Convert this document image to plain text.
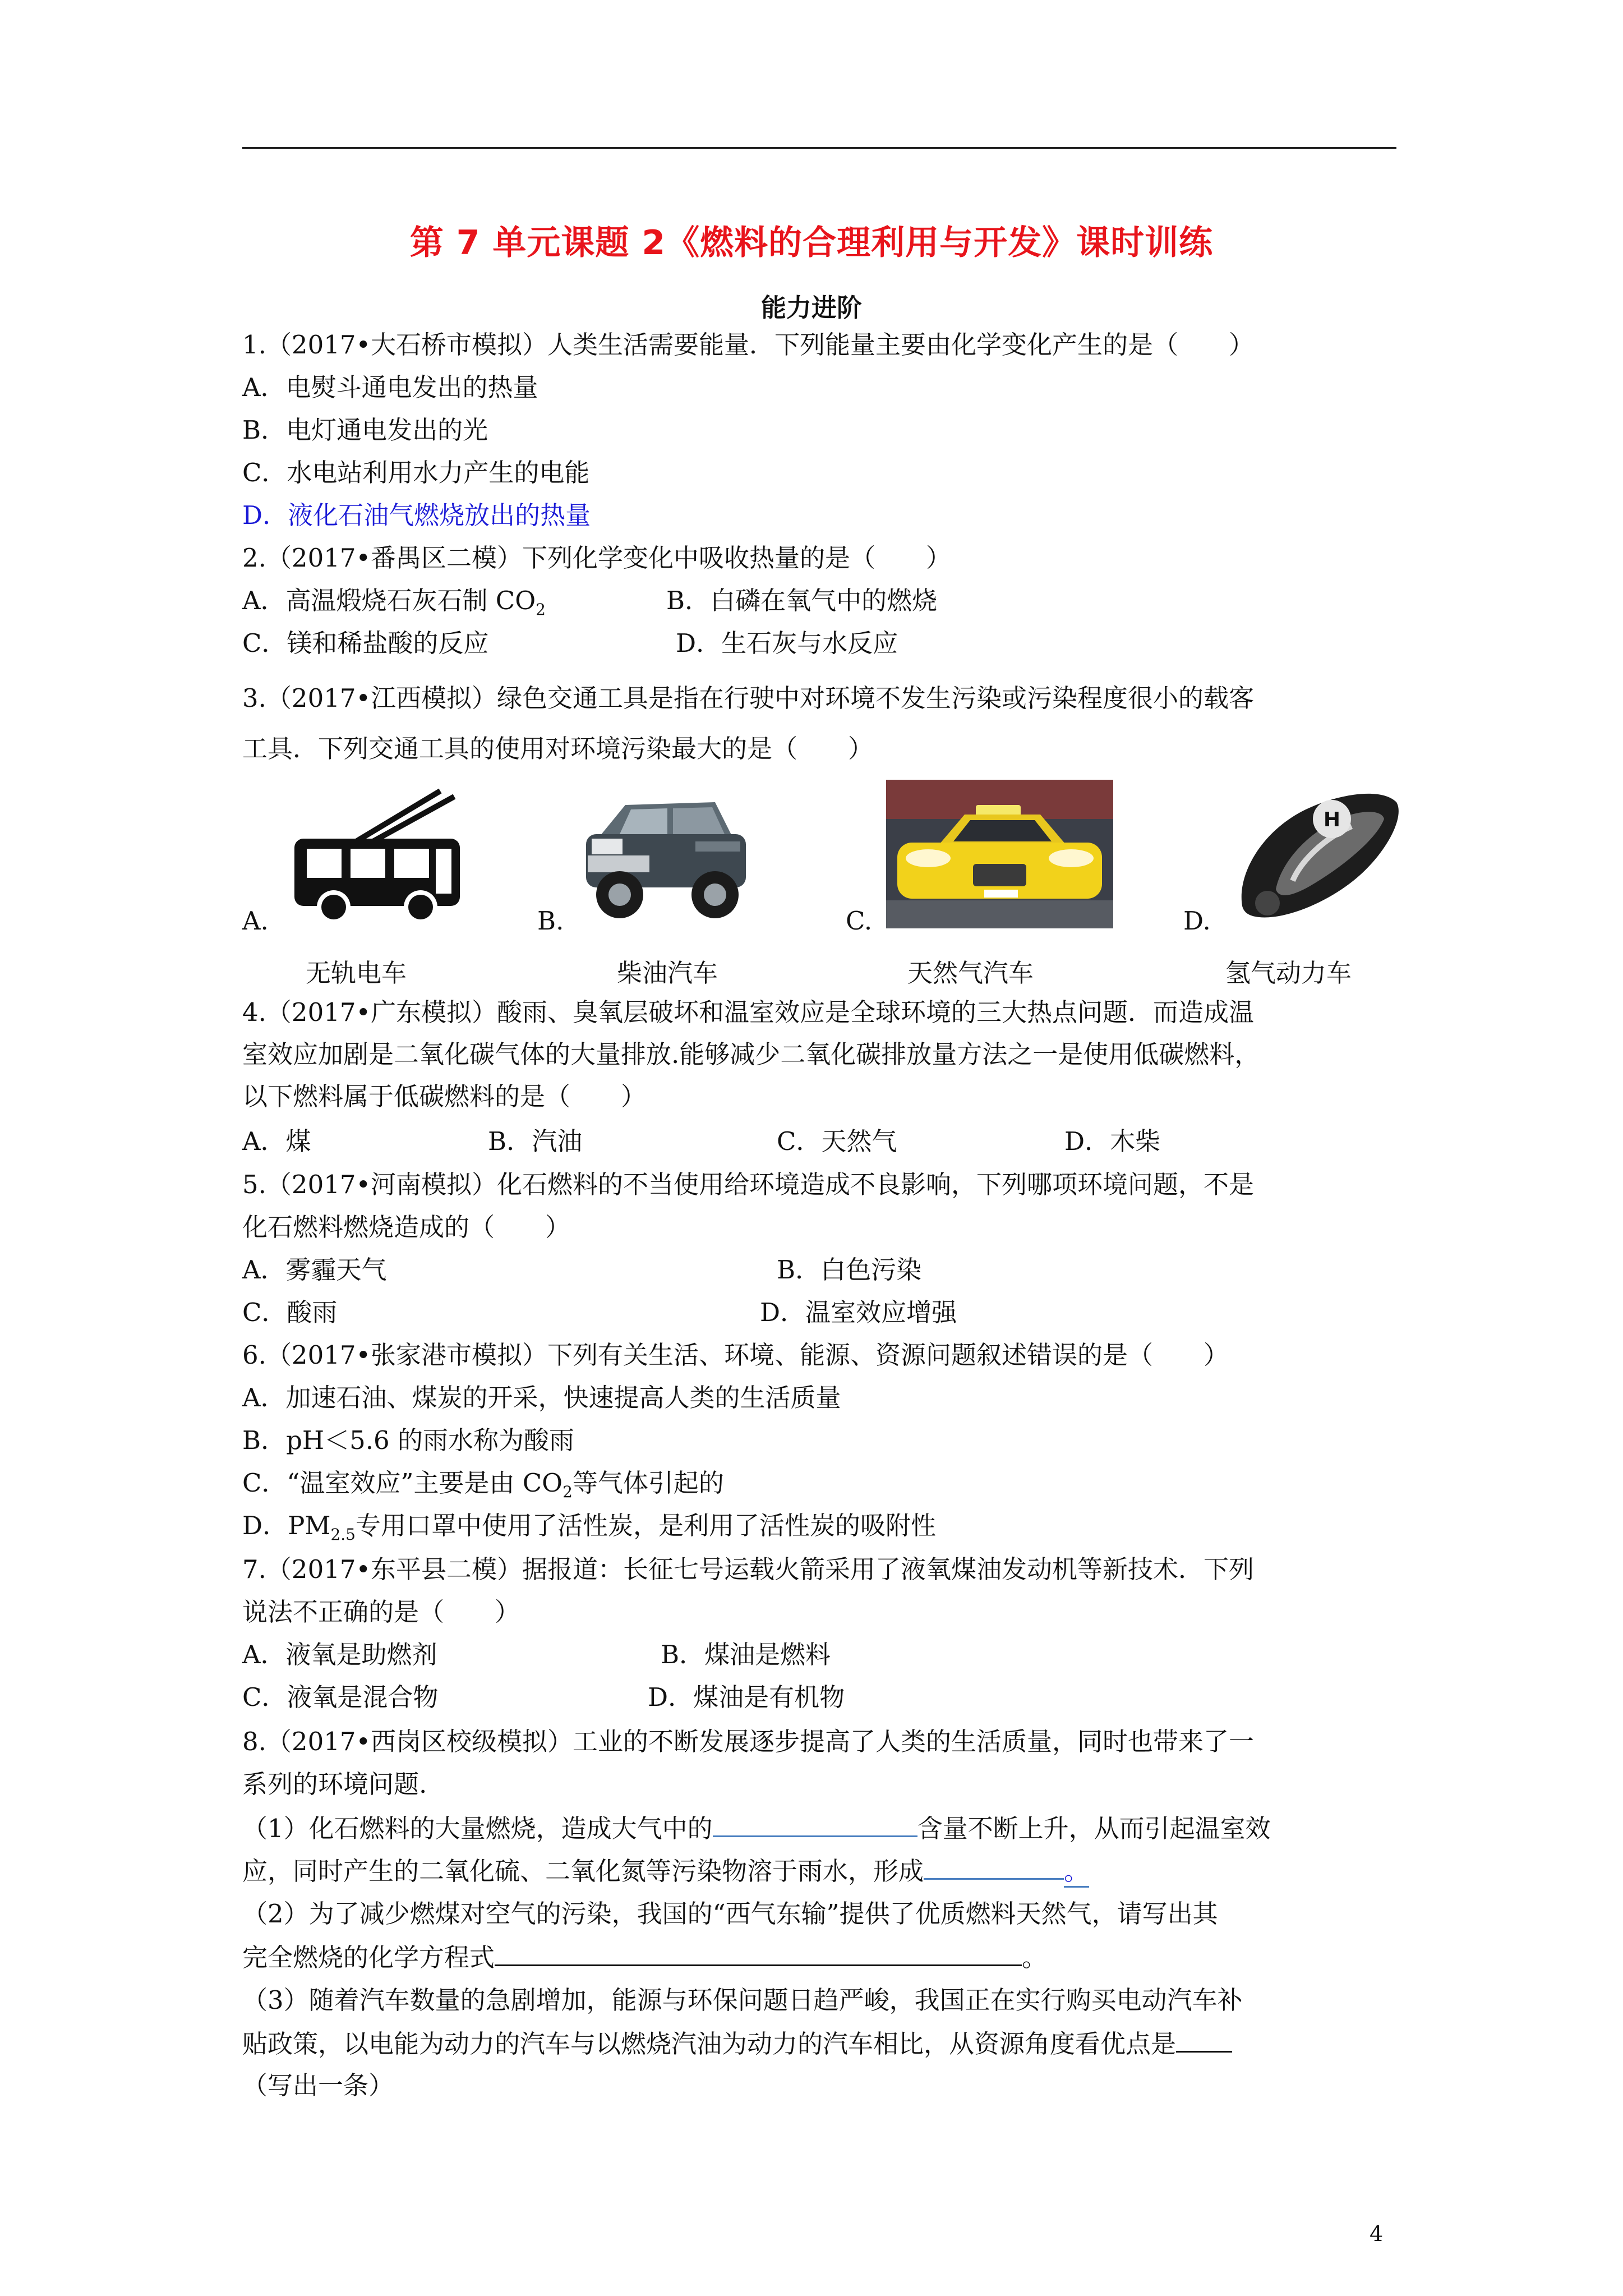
第 7 单元课题 2《燃料的合理利用与开发》课时训练
能力进阶
1.（2017•大石桥市模拟）人类生活需要能量．下列能量主要由化学变化产生的是（　　）
A．电熨斗通电发出的热量
B．电灯通电发出的光
C．水电站利用水力产生的电能
D．液化石油气燃烧放出的热量
2.（2017•番禺区二模）下列化学变化中吸收热量的是（　　）
A．高温煅烧石灰石制 $CO_2$	B．白磷在氧气中的燃烧
C．镁和稀盐酸的反应	D．生石灰与水反应
3.（2017•江西模拟）绿色交通工具是指在行驶中对环境不发生污染或污染程度很小的载客
工具．下列交通工具的使用对环境污染最大的是（　　）
A.	B.	C.	D.
H
无轨电车	柴油汽车	天然气汽车	氢气动力车
4.（2017•广东模拟）酸雨、臭氧层破坏和温室效应是全球环境的三大热点问题．而造成温
室效应加剧是二氧化碳气体的大量排放.能够减少二氧化碳排放量方法之一是使用低碳燃料，
以下燃料属于低碳燃料的是（　　）
A．煤	B．汽油	C．天然气	D．木柴
5.（2017•河南模拟）化石燃料的不当使用给环境造成不良影响，下列哪项环境问题，不是
化石燃料燃烧造成的（　　）
A．雾霾天气	B．白色污染
C．酸雨	D．温室效应增强
6.（2017•张家港市模拟）下列有关生活、环境、能源、资源问题叙述错误的是（　　）
A．加速石油、煤炭的开采，快速提高人类的生活质量
B．pH＜5.6 的雨水称为酸雨
C．“温室效应”主要是由 $CO_2$等气体引起的
D．$PM_{2.5}$专用口罩中使用了活性炭，是利用了活性炭的吸附性
7.（2017•东平县二模）据报道：长征七号运载火箭采用了液氧煤油发动机等新技术．下列
说法不正确的是（　　）
A．液氧是助燃剂	B．煤油是燃料
C．液氧是混合物	D．煤油是有机物
8.（2017•西岗区校级模拟）工业的不断发展逐步提高了人类的生活质量，同时也带来了一
系列的环境问题.
（1）化石燃料的大量燃烧，造成大气中的	含量不断上升，从而引起温室效
应，同时产生的二氧化硫、二氧化氮等污染物溶于雨水，形成	。
（2）为了减少燃煤对空气的污染，我国的“西气东输”提供了优质燃料天然气，请写出其
完全燃烧的化学方程式	。
（3）随着汽车数量的急剧增加，能源与环保问题日趋严峻，我国正在实行购买电动汽车补
贴政策，以电能为动力的汽车与以燃烧汽油为动力的汽车相比，从资源角度看优点是
（写出一条）
4
